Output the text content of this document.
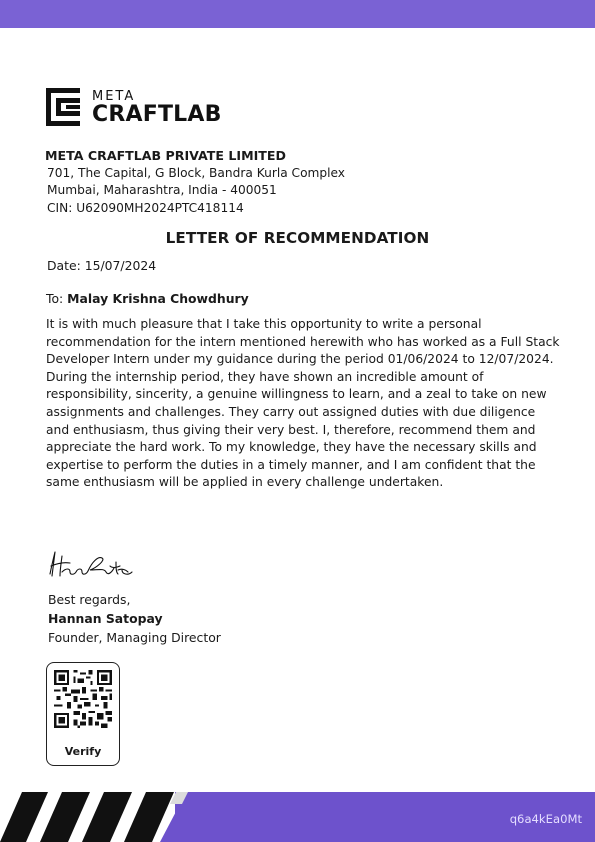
META
CRAFTLAB
META CRAFTLAB PRIVATE LIMITED
701, The Capital, G Block, Bandra Kurla Complex
Mumbai, Maharashtra, India - 400051
CIN: U62090MH2024PTC418114
LETTER OF RECOMMENDATION
Date: 15/07/2024
To: Malay Krishna Chowdhury
It is with much pleasure that I take this opportunity to write a personal recommendation for the intern mentioned herewith who has worked as a Full Stack Developer Intern under my guidance during the period 01/06/2024 to 12/07/2024. During the internship period, they have shown an incredible amount of responsibility, sincerity, a genuine willingness to learn, and a zeal to take on new assignments and challenges. They carry out assigned duties with due diligence and enthusiasm, thus giving their very best. I, therefore, recommend them and appreciate the hard work. To my knowledge, they have the necessary skills and expertise to perform the duties in a timely manner, and I am confident that the same enthusiasm will be applied in every challenge undertaken.
Best regards,
Hannan Satopay
Founder, Managing Director
Verify
q6a4kEa0Mt
